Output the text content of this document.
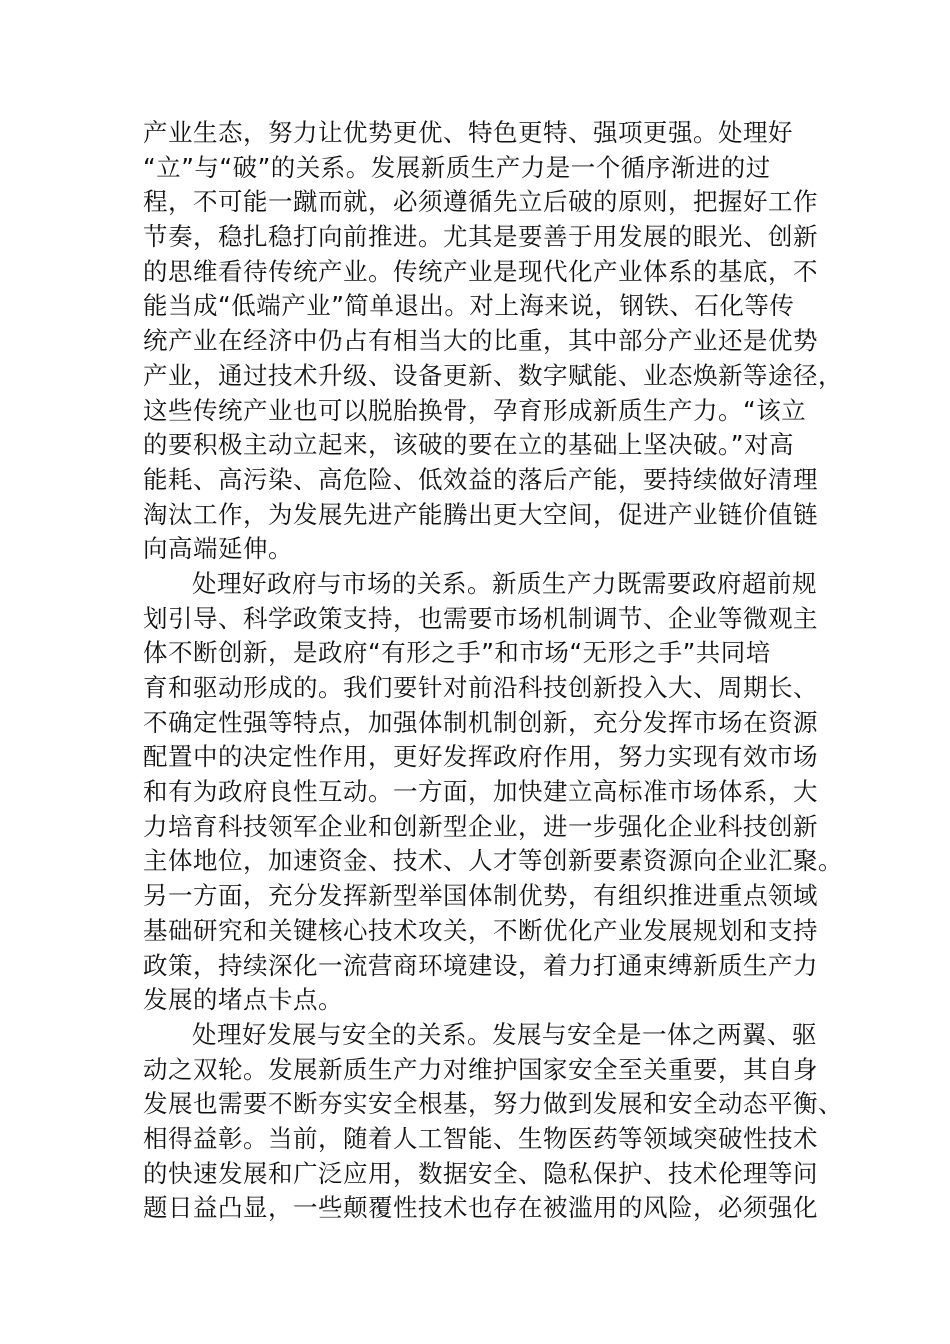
产业生态，努力让优势更优、特色更特、强项更强。处理好
“立”与“破”的关系。发展新质生产力是一个循序渐进的过
程，不可能一蹴而就，必须遵循先立后破的原则，把握好工作
节奏，稳扎稳打向前推进。尤其是要善于用发展的眼光、创新
的思维看待传统产业。传统产业是现代化产业体系的基底，不
能当成“低端产业”简单退出。对上海来说，钢铁、石化等传
统产业在经济中仍占有相当大的比重，其中部分产业还是优势
产业，通过技术升级、设备更新、数字赋能、业态焕新等途径，
这些传统产业也可以脱胎换骨，孕育形成新质生产力。“该立
的要积极主动立起来，该破的要在立的基础上坚决破。”对高
能耗、高污染、高危险、低效益的落后产能，要持续做好清理
淘汰工作，为发展先进产能腾出更大空间，促进产业链价值链
向高端延伸。
处理好政府与市场的关系。新质生产力既需要政府超前规
划引导、科学政策支持，也需要市场机制调节、企业等微观主
体不断创新，是政府“有形之手”和市场“无形之手”共同培
育和驱动形成的。我们要针对前沿科技创新投入大、周期长、
不确定性强等特点，加强体制机制创新，充分发挥市场在资源
配置中的决定性作用，更好发挥政府作用，努力实现有效市场
和有为政府良性互动。一方面，加快建立高标准市场体系，大
力培育科技领军企业和创新型企业，进一步强化企业科技创新
主体地位，加速资金、技术、人才等创新要素资源向企业汇聚。
另一方面，充分发挥新型举国体制优势，有组织推进重点领域
基础研究和关键核心技术攻关，不断优化产业发展规划和支持
政策，持续深化一流营商环境建设，着力打通束缚新质生产力
发展的堵点卡点。
处理好发展与安全的关系。发展与安全是一体之两翼、驱
动之双轮。发展新质生产力对维护国家安全至关重要，其自身
发展也需要不断夯实安全根基，努力做到发展和安全动态平衡、
相得益彰。当前，随着人工智能、生物医药等领域突破性技术
的快速发展和广泛应用，数据安全、隐私保护、技术伦理等问
题日益凸显，一些颠覆性技术也存在被滥用的风险，必须强化
